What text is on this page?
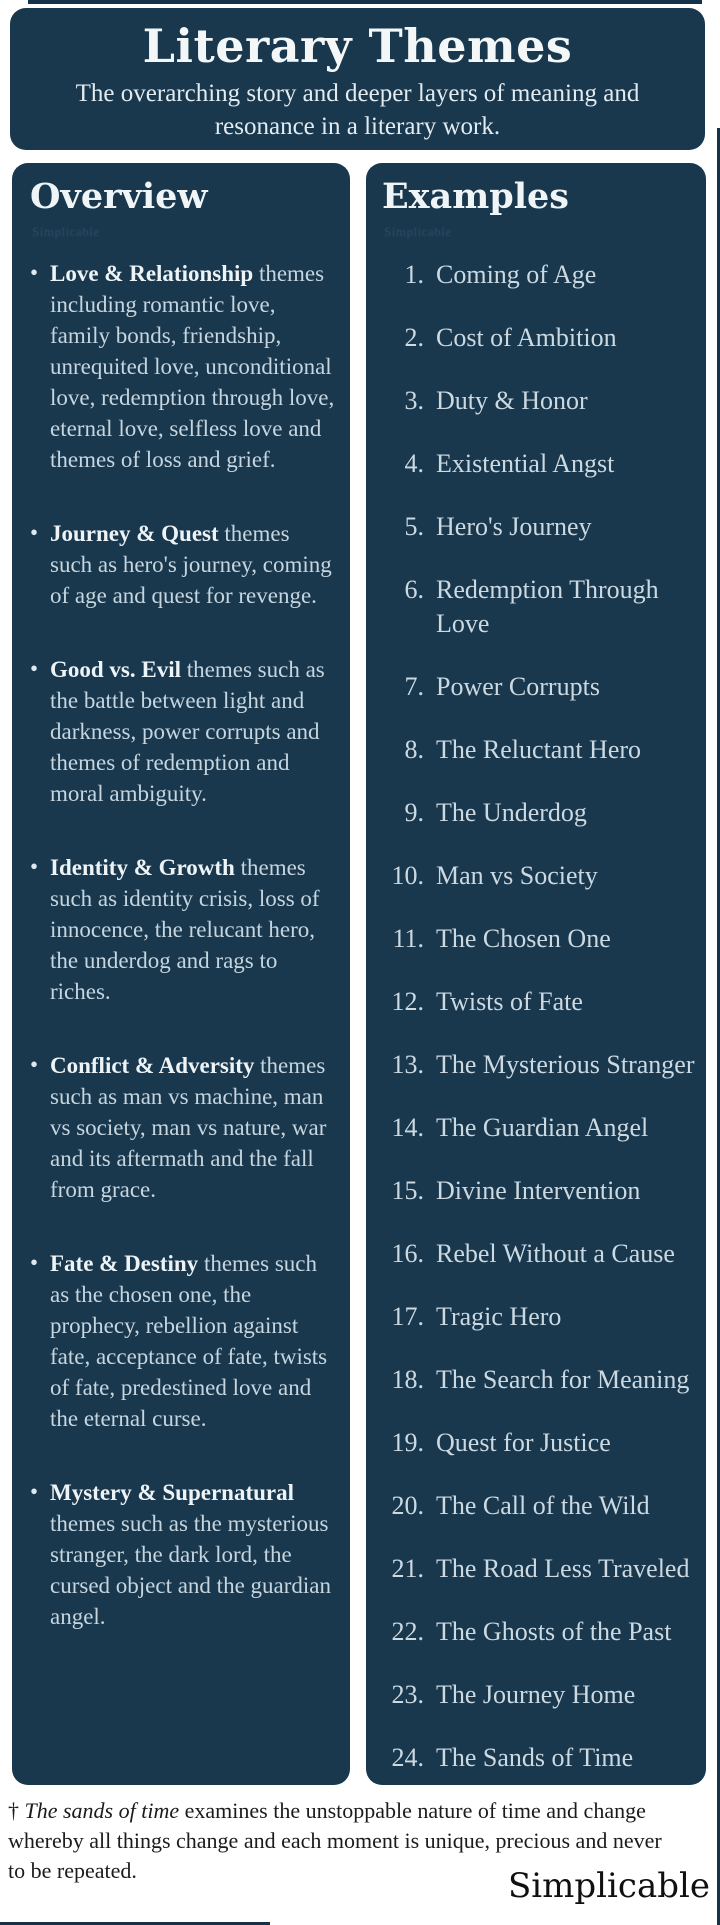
Literary Themes
The overarching story and deeper layers of meaning and resonance in a literary work.
Overview
Simplicable
• Love & Relationship themes including romantic love, family bonds, friendship, unrequited love, unconditional love, redemption through love, eternal love, selfless love and themes of loss and grief.
• Journey & Quest themes such as hero's journey, coming of age and quest for revenge.
• Good vs. Evil themes such as the battle between light and darkness, power corrupts and themes of redemption and moral ambiguity.
• Identity & Growth themes such as identity crisis, loss of innocence, the relucant hero, the underdog and rags to riches.
• Conflict & Adversity themes such as man vs machine, man vs society, man vs nature, war and its aftermath and the fall from grace.
• Fate & Destiny themes such as the chosen one, the prophecy, rebellion against fate, acceptance of fate, twists of fate, predestined love and the eternal curse.
• Mystery & Supernatural themes such as the mysterious stranger, the dark lord, the cursed object and the guardian angel.
Examples
Simplicable
1. Coming of Age
2. Cost of Ambition
3. Duty & Honor
4. Existential Angst
5. Hero's Journey
6. Redemption Through Love
7. Power Corrupts
8. The Reluctant Hero
9. The Underdog
10. Man vs Society
11. The Chosen One
12. Twists of Fate
13. The Mysterious Stranger
14. The Guardian Angel
15. Divine Intervention
16. Rebel Without a Cause
17. Tragic Hero
18. The Search for Meaning
19. Quest for Justice
20. The Call of the Wild
21. The Road Less Traveled
22. The Ghosts of the Past
23. The Journey Home
24. The Sands of Time
† The sands of time examines the unstoppable nature of time and change whereby all things change and each moment is unique, precious and never to be repeated.	Simplicable
